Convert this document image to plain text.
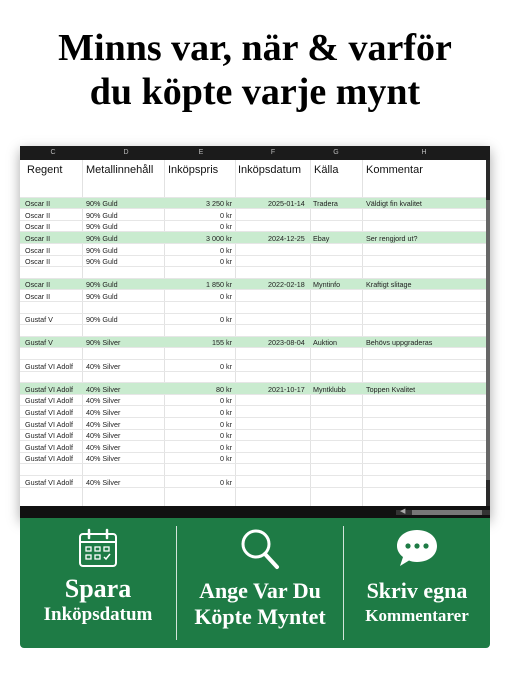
Minns var, när & varför
du köpte varje mynt
C	D	E	F	G	H
Regent Metallinnehåll Inköpspris Inköpsdatum Källa	Kommentar
Oscar II	90% Guld	3 250 kr	2025-01-14 Tradera	Väldigt fin kvalitet
Oscar II	90% Guld	0 kr
Oscar II	90% Guld	0 kr
Oscar II	90% Guld	3 000 kr	2024-12-25 Ebay	Ser rengjord ut?
Oscar II	90% Guld	0 kr
Oscar II	90% Guld	0 kr
Oscar II	90% Guld	1 850 kr	2022-02-18 Myntinfo	Kraftigt slitage
Oscar II	90% Guld	0 kr
Gustaf V	90% Guld	0 kr
Gustaf V	90% Silver	155 kr	2023-08-04 Auktion	Behövs uppgraderas
Gustaf VI Adolf 40% Silver	0 kr
Gustaf VI Adolf 40% Silver	80 kr	2021-10-17 Myntklubb	Toppen Kvalitet
Gustaf VI Adolf 40% Silver	0 kr
Gustaf VI Adolf 40% Silver	0 kr
Gustaf VI Adolf 40% Silver	0 kr
Gustaf VI Adolf 40% Silver	0 kr
Gustaf VI Adolf 40% Silver	0 kr
Gustaf VI Adolf 40% Silver	0 kr
Gustaf VI Adolf 40% Silver	0 kr
◀
Spara
Inköpsdatum
Ange Var Du
Köpte Myntet
Skriv egna
Kommentarer
